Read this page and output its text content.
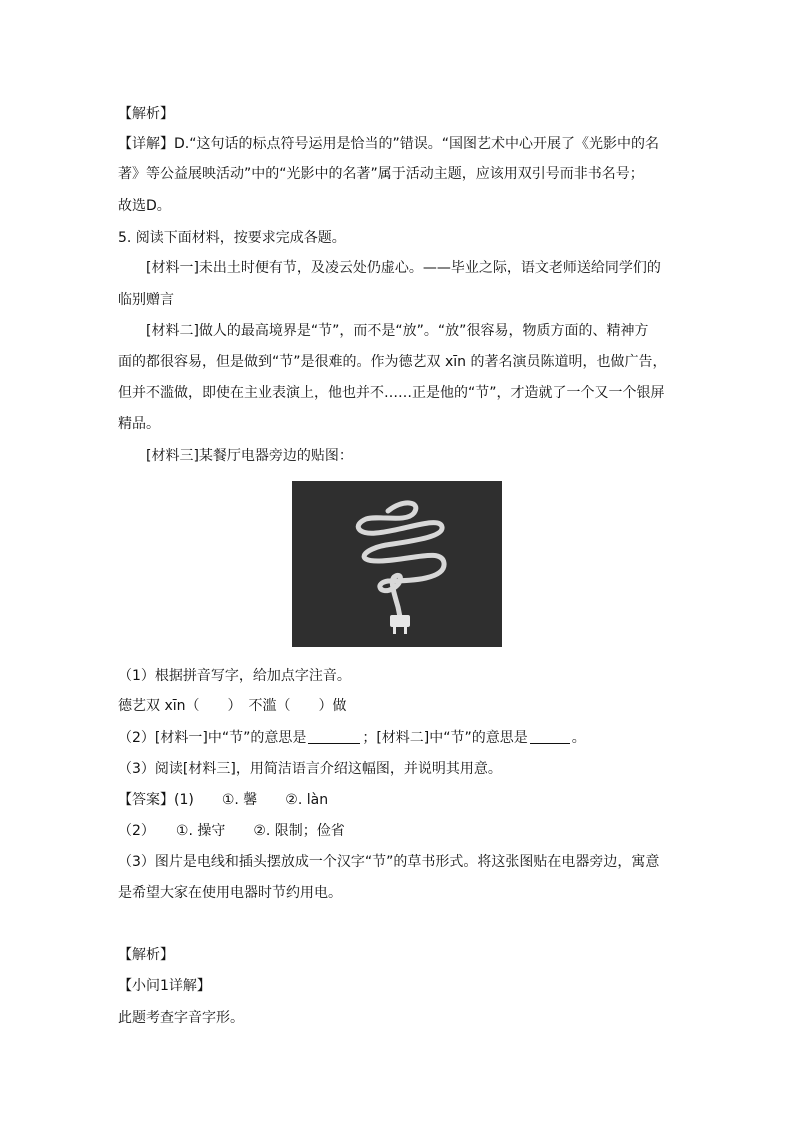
【解析】
【详解】D.“这句话的标点符号运用是恰当的”错误。“国图艺术中心开展了《光影中的名
著》等公益展映活动”中的“光影中的名著”属于活动主题，应该用双引号而非书名号；
故选D。
5. 阅读下面材料，按要求完成各题。
[材料一]未出土时便有节，及凌云处仍虚心。——毕业之际，语文老师送给同学们的
临别赠言
[材料二]做人的最高境界是“节”，而不是“放”。“放”很容易，物质方面的、精神方
面的都很容易，但是做到“节”是很难的。作为德艺双 xīn 的著名演员陈道明，也做广告，
但并不滥做，即使在主业表演上，他也并不……正是他的“节”，才造就了一个又一个银屏
精品。
[材料三]某餐厅电器旁边的贴图：
（1）根据拼音写字，给加点字注音。
德艺双 xīn（　　）　不滥（　　）做
（2）[材料一]中“节”的意思是	；[材料二]中“节”的意思是	。
（3）阅读[材料三]，用简洁语言介绍这幅图，并说明其用意。
【答案】(1)　　①. 馨　　②. làn
（2）　　①. 操守　　②. 限制；俭省
（3）图片是电线和插头摆放成一个汉字“节”的草书形式。将这张图贴在电器旁边，寓意
是希望大家在使用电器时节约用电。
【解析】
【小问1详解】
此题考查字音字形。
